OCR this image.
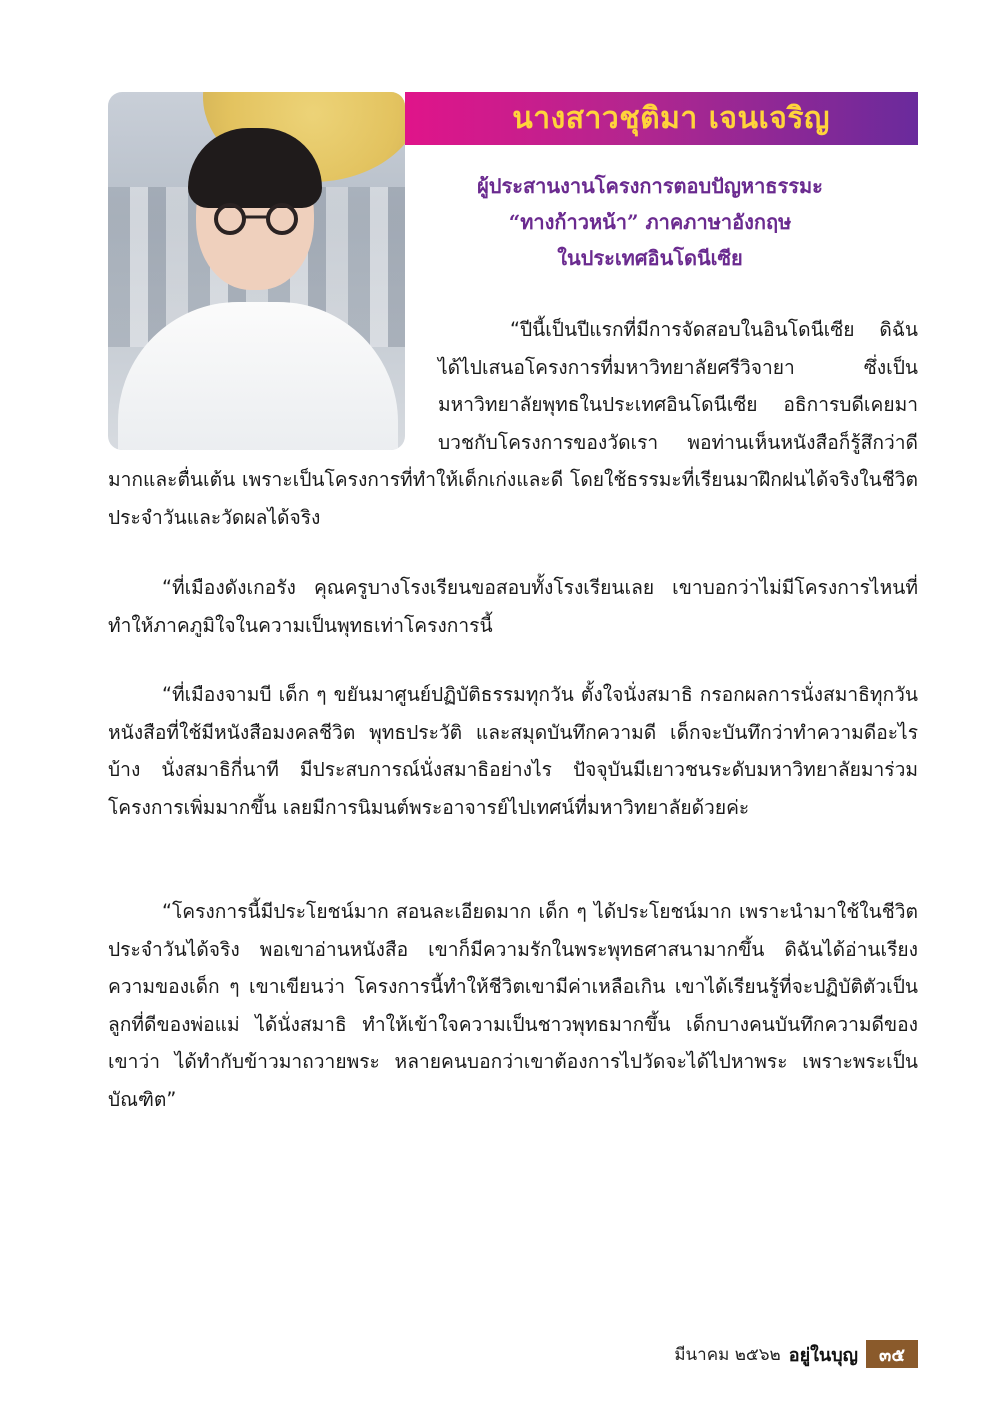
นางสาวชุติมา เจนเจริญ
ผู้ประสานงานโครงการตอบปัญหาธรรมะ
“ทางก้าวหน้า” ภาคภาษาอังกฤษ
ในประเทศอินโดนีเซีย
“ปีนี้เป็นปีแรกที่มีการจัดสอบในอินโดนีเซีย ดิฉันได้ไปเสนอโครงการที่มหาวิทยาลัยศรีวิจายา ซึ่งเป็นมหาวิทยาลัยพุทธในประเทศอินโดนีเซีย อธิการบดีเคยมาบวชกับโครงการของวัดเรา พอท่านเห็นหนังสือก็รู้สึกว่าดีมากและตื่นเต้น เพราะเป็นโครงการที่ทำให้เด็กเก่งและดี โดยใช้ธรรมะที่เรียนมาฝึกฝนได้จริงในชีวิตประจำวันและวัดผลได้จริง
“ที่เมืองดังเกอรัง คุณครูบางโรงเรียนขอสอบทั้งโรงเรียนเลย เขาบอกว่าไม่มีโครงการไหนที่ทำให้ภาคภูมิใจในความเป็นพุทธเท่าโครงการนี้
“ที่เมืองจามบี เด็ก ๆ ขยันมาศูนย์ปฏิบัติธรรมทุกวัน ตั้งใจนั่งสมาธิ กรอกผลการนั่งสมาธิทุกวัน หนังสือที่ใช้มีหนังสือมงคลชีวิต พุทธประวัติ และสมุดบันทึกความดี เด็กจะบันทึกว่าทำความดีอะไรบ้าง นั่งสมาธิกี่นาที มีประสบการณ์นั่งสมาธิอย่างไร ปัจจุบันมีเยาวชนระดับมหาวิทยาลัยมาร่วมโครงการเพิ่มมากขึ้น เลยมีการนิมนต์พระอาจารย์ไปเทศน์ที่มหาวิทยาลัยด้วยค่ะ
“โครงการนี้มีประโยชน์มาก สอนละเอียดมาก เด็ก ๆ ได้ประโยชน์มาก เพราะนำมาใช้ในชีวิตประจำวันได้จริง พอเขาอ่านหนังสือ เขาก็มีความรักในพระพุทธศาสนามากขึ้น ดิฉันได้อ่านเรียงความของเด็ก ๆ เขาเขียนว่า โครงการนี้ทำให้ชีวิตเขามีค่าเหลือเกิน เขาได้เรียนรู้ที่จะปฏิบัติตัวเป็นลูกที่ดีของพ่อแม่ ได้นั่งสมาธิ ทำให้เข้าใจความเป็นชาวพุทธมากขึ้น เด็กบางคนบันทึกความดีของเขาว่า ได้ทำกับข้าวมาถวายพระ หลายคนบอกว่าเขาต้องการไปวัดจะได้ไปหาพระ เพราะพระเป็นบัณฑิต”
มีนาคม ๒๕๖๒ อยู่ในบุญ	๓๕
